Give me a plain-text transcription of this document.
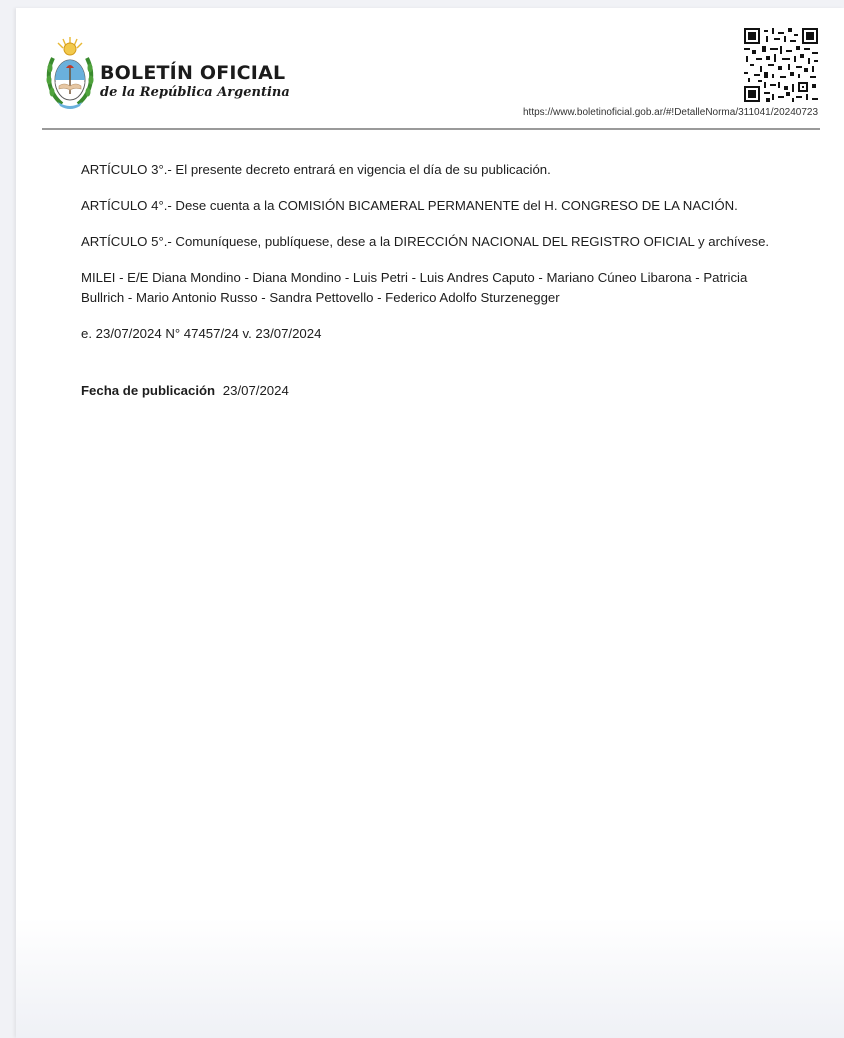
BOLETÍN OFICIAL
de la República Argentina
https://www.boletinoficial.gob.ar/#!DetalleNorma/311041/20240723

ARTÍCULO 3°.- El presente decreto entrará en vigencia el día de su publicación.

ARTÍCULO 4°.- Dese cuenta a la COMISIÓN BICAMERAL PERMANENTE del H. CONGRESO DE LA NACIÓN.

ARTÍCULO 5°.- Comuníquese, publíquese, dese a la DIRECCIÓN NACIONAL DEL REGISTRO OFICIAL y archívese.

MILEI - E/E Diana Mondino - Diana Mondino - Luis Petri - Luis Andres Caputo - Mariano Cúneo Libarona - Patricia Bullrich - Mario Antonio Russo - Sandra Pettovello - Federico Adolfo Sturzenegger

e. 23/07/2024 N° 47457/24 v. 23/07/2024

Fecha de publicación 23/07/2024
